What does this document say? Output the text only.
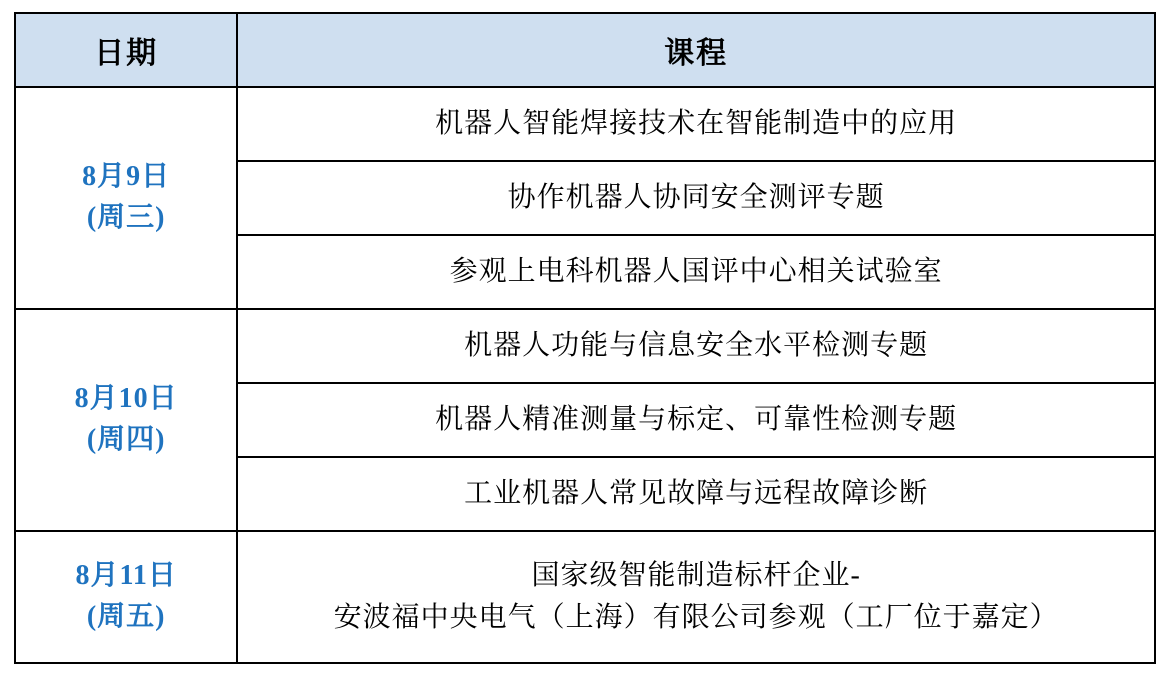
日期	课程

8月9日
(周三)	机器人智能焊接技术在智能制造中的应用

	协作机器人协同安全测评专题

	参观上电科机器人国评中心相关试验室

8月10日
(周四)	机器人功能与信息安全水平检测专题

	机器人精准测量与标定、可靠性检测专题

	工业机器人常见故障与远程故障诊断

8月11日
(周五)	国家级智能制造标杆企业-
安波福中央电气（上海）有限公司参观（工厂位于嘉定）
